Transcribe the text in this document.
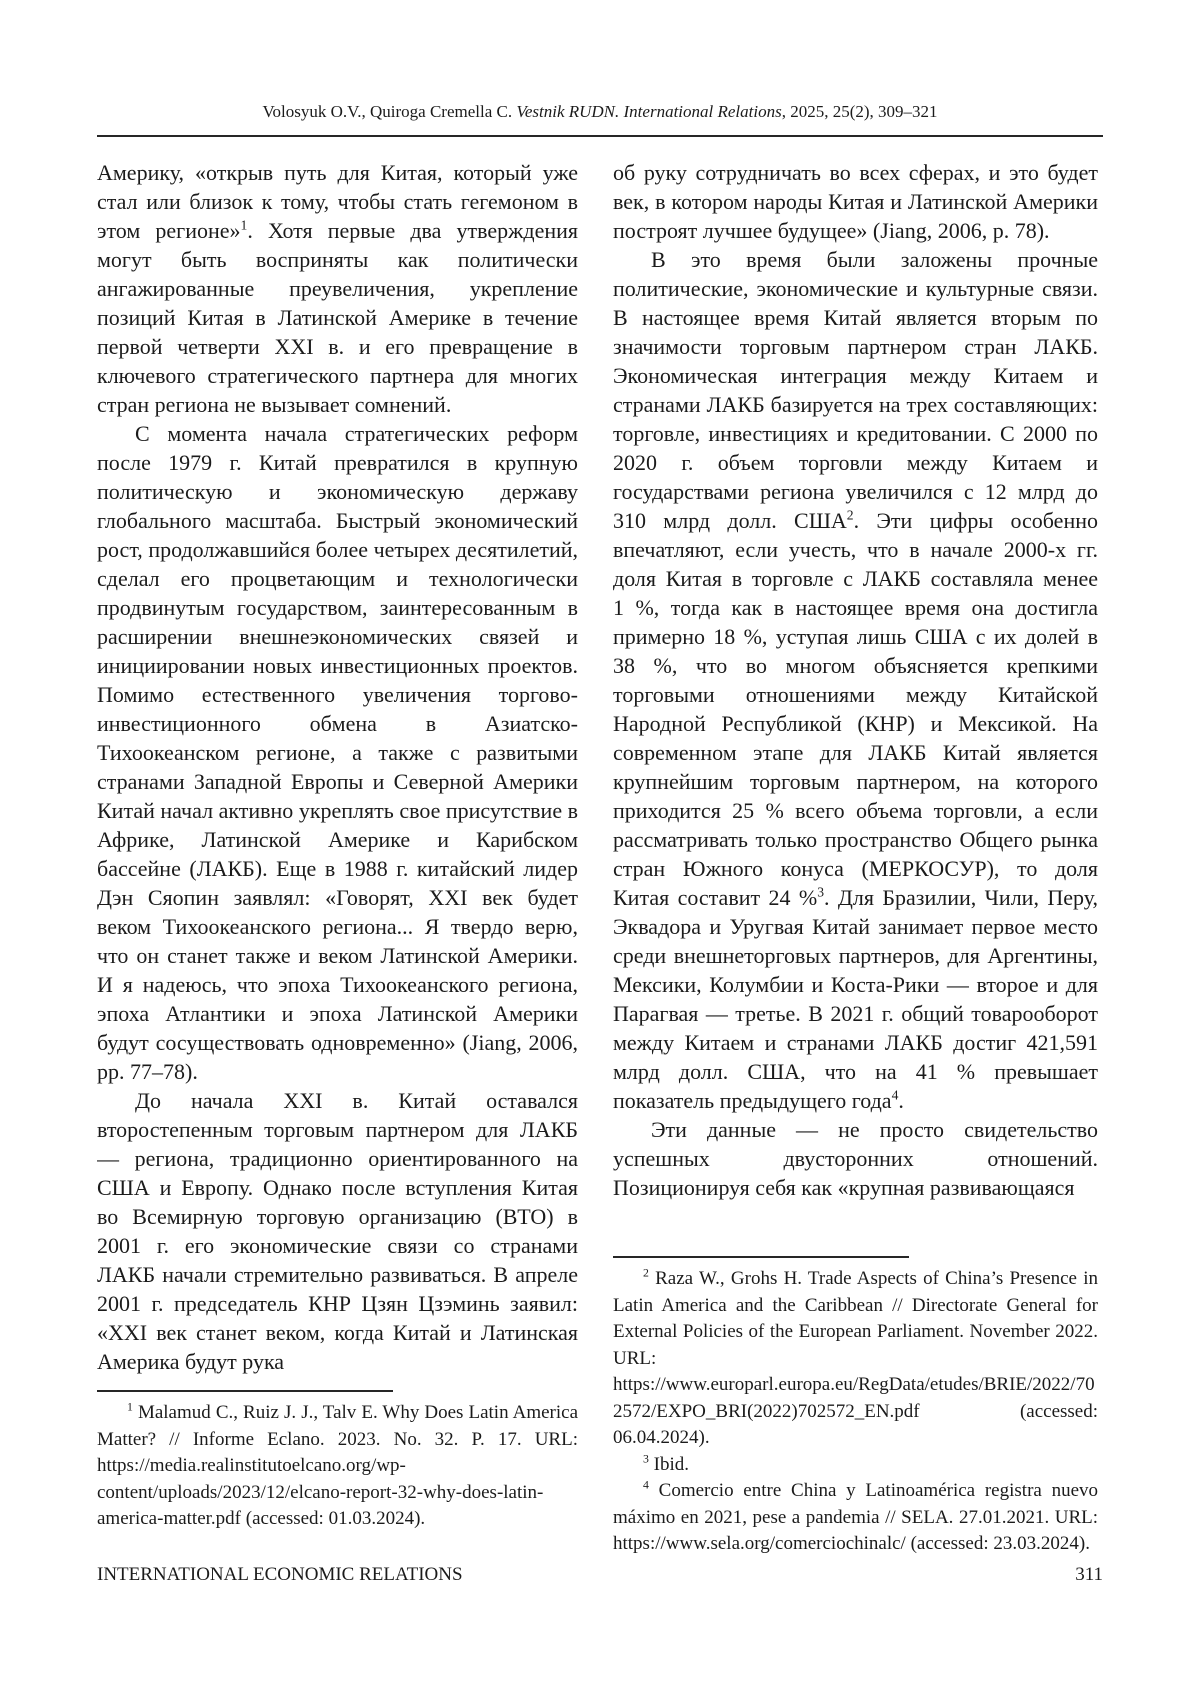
Volosyuk O.V., Quiroga Cremella C. Vestnik RUDN. International Relations, 2025, 25(2), 309–321

Америку, «открыв путь для Китая, который уже стал или близок к тому, чтобы стать гегемоном в этом регионе»$^1$. Хотя первые два утверждения могут быть восприняты как политически ангажированные преувеличения, укрепление позиций Китая в Латинской Америке в течение первой четверти XXI в. и его превращение в ключевого стратегического партнера для многих стран региона не вызывает сомнений.

С момента начала стратегических реформ после 1979 г. Китай превратился в крупную политическую и экономическую державу глобального масштаба. Быстрый экономический рост, продолжавшийся более четырех десятилетий, сделал его процветающим и технологически продвинутым государством, заинтересованным в расширении внешнеэкономических связей и инициировании новых инвестиционных проектов. Помимо естественного увеличения торгово-инвестиционного обмена в Азиатско-Тихоокеанском регионе, а также с развитыми странами Западной Европы и Северной Америки Китай начал активно укреплять свое присутствие в Африке, Латинской Америке и Карибском бассейне (ЛАКБ). Еще в 1988 г. китайский лидер Дэн Сяопин заявлял: «Говорят, XXI век будет веком Тихоокеанского региона... Я твердо верю, что он станет также и веком Латинской Америки. И я надеюсь, что эпоха Тихоокеанского региона, эпоха Атлантики и эпоха Латинской Америки будут сосуществовать одновременно» (Jiang, 2006, pp. 77–78).

До начала XXI в. Китай оставался второстепенным торговым партнером для ЛАКБ — региона, традиционно ориентированного на США и Европу. Однако после вступления Китая во Всемирную торговую организацию (ВТО) в 2001 г. его экономические связи со странами ЛАКБ начали стремительно развиваться. В апреле 2001 г. председатель КНР Цзян Цзэминь заявил: «XXI век станет веком, когда Китай и Латинская Америка будут рука

об руку сотрудничать во всех сферах, и это будет век, в котором народы Китая и Латинской Америки построят лучшее будущее» (Jiang, 2006, p. 78).

В это время были заложены прочные политические, экономические и культурные связи. В настоящее время Китай является вторым по значимости торговым партнером стран ЛАКБ. Экономическая интеграция между Китаем и странами ЛАКБ базируется на трех составляющих: торговле, инвестициях и кредитовании. С 2000 по 2020 г. объем торговли между Китаем и государствами региона увеличился с 12 млрд до 310 млрд долл. США$^2$. Эти цифры особенно впечатляют, если учесть, что в начале 2000-х гг. доля Китая в торговле с ЛАКБ составляла менее 1 %, тогда как в настоящее время она достигла примерно 18 %, уступая лишь США с их долей в 38 %, что во многом объясняется крепкими торговыми отношениями между Китайской Народной Республикой (КНР) и Мексикой. На современном этапе для ЛАКБ Китай является крупнейшим торговым партнером, на которого приходится 25 % всего объема торговли, а если рассматривать только пространство Общего рынка стран Южного конуса (МЕРКОСУР), то доля Китая составит 24 %$^3$. Для Бразилии, Чили, Перу, Эквадора и Уругвая Китай занимает первое место среди внешнеторговых партнеров, для Аргентины, Мексики, Колумбии и Коста-Рики — второе и для Парагвая — третье. В 2021 г. общий товарооборот между Китаем и странами ЛАКБ достиг 421,591 млрд долл. США, что на 41 % превышает показатель предыдущего года$^4$.

Эти данные — не просто свидетельство успешных двусторонних отношений. Позиционируя себя как «крупная развивающаяся

$^1$ Malamud C., Ruiz J. J., Talv E. Why Does Latin America Matter? // Informe Eclano. 2023. No. 32. P. 17. URL: https://media.realinstitutoelcano.org/wp-content/uploads/2023/12/elcano-report-32-why-does-latin-america-matter.pdf (accessed: 01.03.2024).

$^2$ Raza W., Grohs H. Trade Aspects of China’s Presence in Latin America and the Caribbean // Directorate General for External Policies of the European Parliament. November 2022. URL: https://www.europarl.europa.eu/RegData/etudes/BRIE/2022/702572/EXPO_BRI(2022)702572_EN.pdf (accessed: 06.04.2024).

$^3$ Ibid.

$^4$ Comercio entre China y Latinoamérica registra nuevo máximo en 2021, pese a pandemia // SELA. 27.01.2021. URL: https://www.sela.org/comerciochinalc/ (accessed: 23.03.2024).

INTERNATIONAL ECONOMIC RELATIONS	311
